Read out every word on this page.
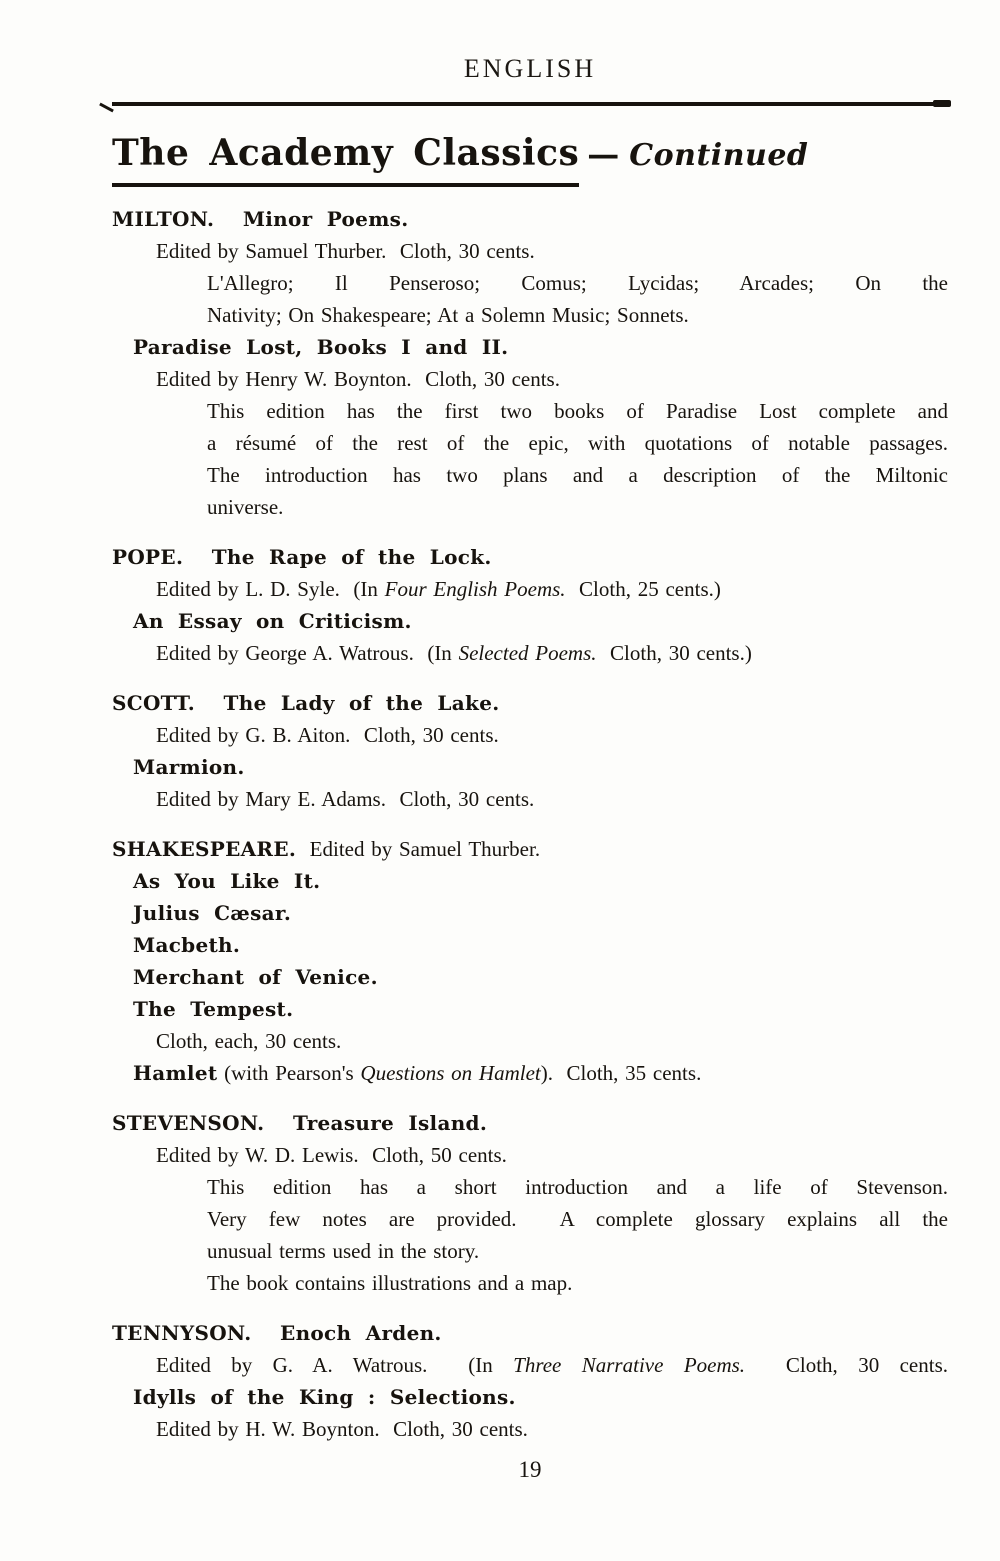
ENGLISH
The Academy Classics — Continued
MILTON.  Minor Poems.
Edited by Samuel Thurber.  Cloth, 30 cents.
L'Allegro; Il Penseroso; Comus; Lycidas; Arcades; On the
Nativity; On Shakespeare; At a Solemn Music; Sonnets.
Paradise Lost, Books I and II.
Edited by Henry W. Boynton.  Cloth, 30 cents.
This edition has the first two books of Paradise Lost complete and
a résumé of the rest of the epic, with quotations of notable passages.
The introduction has two plans and a description of the Miltonic
universe.
POPE.  The Rape of the Lock.
Edited by L. D. Syle.  (In Four English Poems.  Cloth, 25 cents.)
An Essay on Criticism.
Edited by George A. Watrous.  (In Selected Poems.  Cloth, 30 cents.)
SCOTT.  The Lady of the Lake.
Edited by G. B. Aiton.  Cloth, 30 cents.
Marmion.
Edited by Mary E. Adams.  Cloth, 30 cents.
SHAKESPEARE.  Edited by Samuel Thurber.
As You Like It.
Julius Cæsar.
Macbeth.
Merchant of Venice.
The Tempest.
Cloth, each, 30 cents.
Hamlet (with Pearson's Questions on Hamlet).  Cloth, 35 cents.
STEVENSON.  Treasure Island.
Edited by W. D. Lewis.  Cloth, 50 cents.
This edition has a short introduction and a life of Stevenson.
Very few notes are provided.  A complete glossary explains all the
unusual terms used in the story.
The book contains illustrations and a map.
TENNYSON.  Enoch Arden.
Edited by G. A. Watrous.  (In Three Narrative Poems.  Cloth, 30 cents.
Idylls of the King : Selections.
Edited by H. W. Boynton.  Cloth, 30 cents.
19
